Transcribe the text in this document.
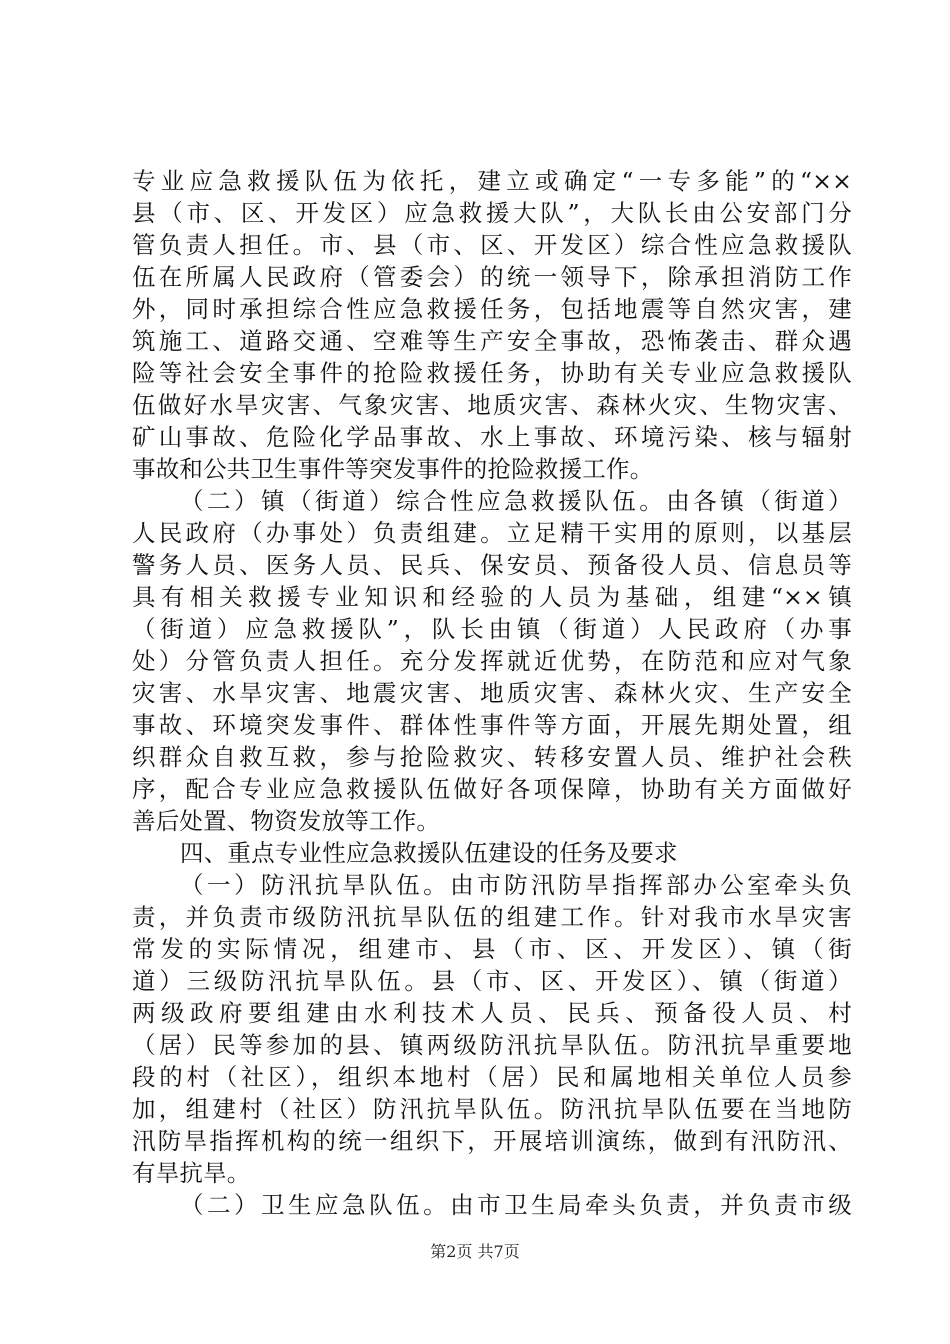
专业应急救援队伍为依托，建立或确定“一专多能”的“××
县（市、区、开发区）应急救援大队”，大队长由公安部门分
管负责人担任。市、县（市、区、开发区）综合性应急救援队
伍在所属人民政府（管委会）的统一领导下，除承担消防工作
外，同时承担综合性应急救援任务，包括地震等自然灾害，建
筑施工、道路交通、空难等生产安全事故，恐怖袭击、群众遇
险等社会安全事件的抢险救援任务，协助有关专业应急救援队
伍做好水旱灾害、气象灾害、地质灾害、森林火灾、生物灾害、
矿山事故、危险化学品事故、水上事故、环境污染、核与辐射
事故和公共卫生事件等突发事件的抢险救援工作。
（二）镇（街道）综合性应急救援队伍。由各镇（街道）
人民政府（办事处）负责组建。立足精干实用的原则，以基层
警务人员、医务人员、民兵、保安员、预备役人员、信息员等
具有相关救援专业知识和经验的人员为基础，组建“××镇
（街道）应急救援队”，队长由镇（街道）人民政府（办事
处）分管负责人担任。充分发挥就近优势，在防范和应对气象
灾害、水旱灾害、地震灾害、地质灾害、森林火灾、生产安全
事故、环境突发事件、群体性事件等方面，开展先期处置，组
织群众自救互救，参与抢险救灾、转移安置人员、维护社会秩
序，配合专业应急救援队伍做好各项保障，协助有关方面做好
善后处置、物资发放等工作。
四、重点专业性应急救援队伍建设的任务及要求
（一）防汛抗旱队伍。由市防汛防旱指挥部办公室牵头负
责，并负责市级防汛抗旱队伍的组建工作。针对我市水旱灾害
常发的实际情况，组建市、县（市、区、开发区）、镇（街
道）三级防汛抗旱队伍。县（市、区、开发区）、镇（街道）
两级政府要组建由水利技术人员、民兵、预备役人员、村
（居）民等参加的县、镇两级防汛抗旱队伍。防汛抗旱重要地
段的村（社区），组织本地村（居）民和属地相关单位人员参
加，组建村（社区）防汛抗旱队伍。防汛抗旱队伍要在当地防
汛防旱指挥机构的统一组织下，开展培训演练，做到有汛防汛、
有旱抗旱。
（二）卫生应急队伍。由市卫生局牵头负责，并负责市级
第2页 共7页
